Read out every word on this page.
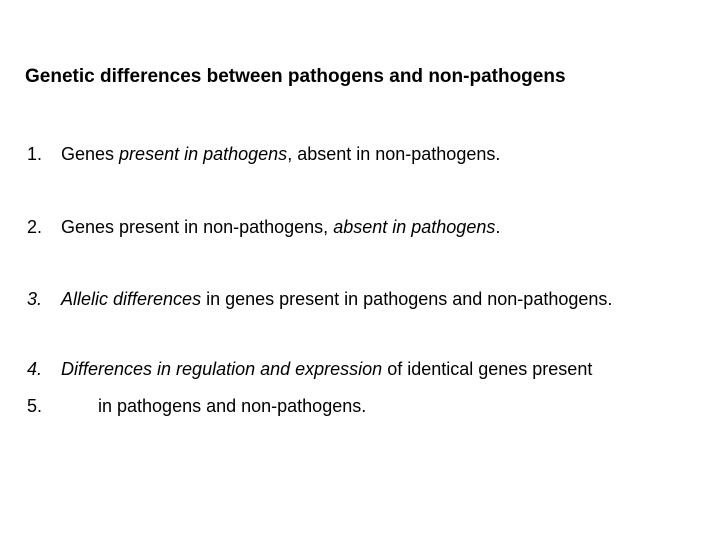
Genetic differences between pathogens and non-pathogens
1. Genes present in pathogens, absent in non-pathogens.
2. Genes present in non-pathogens, absent in pathogens.
3. Allelic differences in genes present in pathogens and non-pathogens.
4. Differences in regulation and expression of identical genes present
5.	in pathogens and non-pathogens.
